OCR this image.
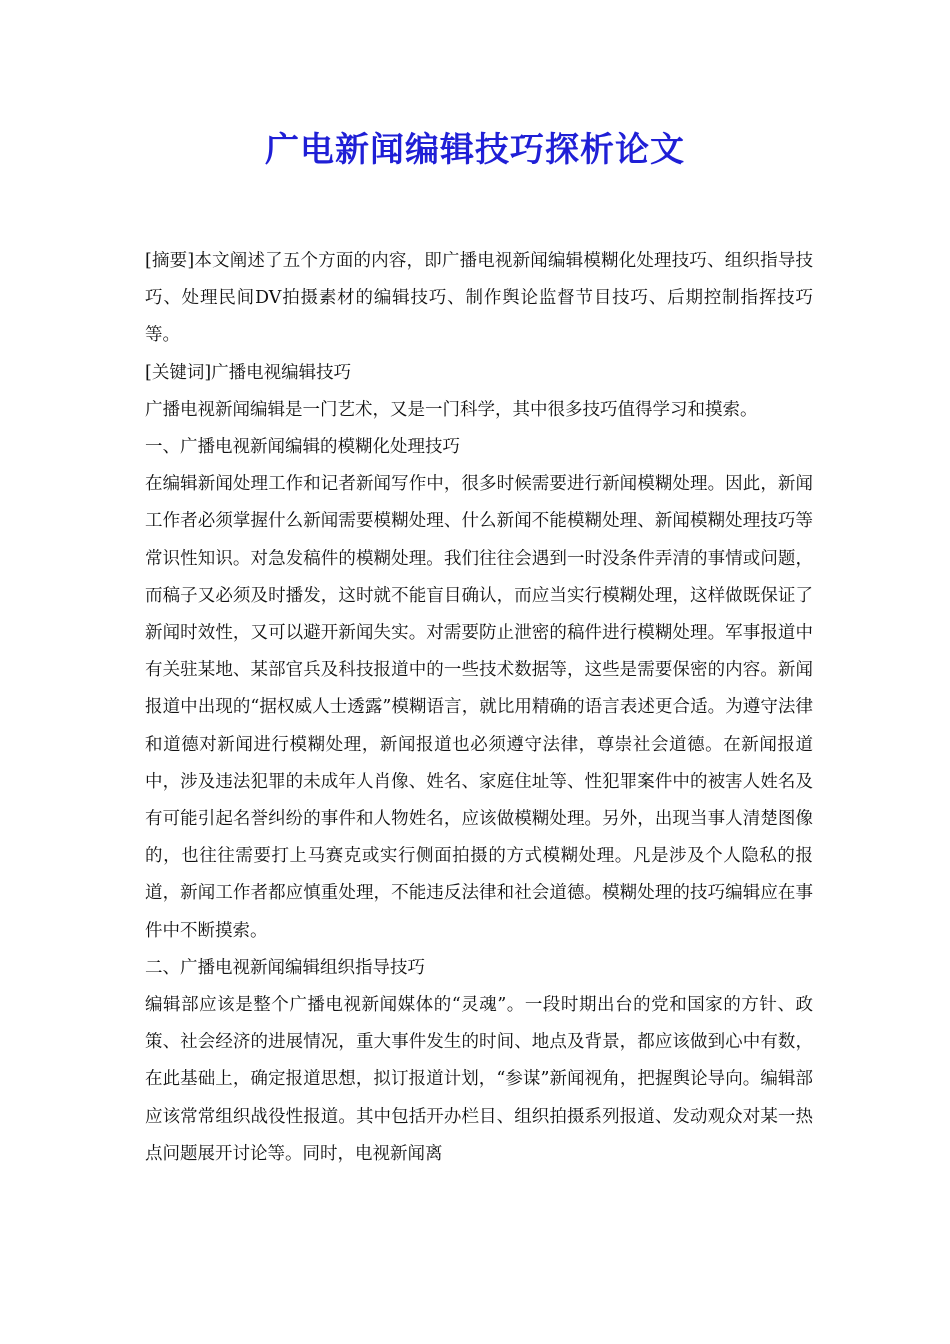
广电新闻编辑技巧探析论文

[摘要]本文阐述了五个方面的内容，即广播电视新闻编辑模糊化处理技巧、组织指导技巧、处理民间DV拍摄素材的编辑技巧、制作舆论监督节目技巧、后期控制指挥技巧等。

[关键词]广播电视编辑技巧

广播电视新闻编辑是一门艺术，又是一门科学，其中很多技巧值得学习和摸索。

一、广播电视新闻编辑的模糊化处理技巧

在编辑新闻处理工作和记者新闻写作中，很多时候需要进行新闻模糊处理。因此，新闻工作者必须掌握什么新闻需要模糊处理、什么新闻不能模糊处理、新闻模糊处理技巧等常识性知识。对急发稿件的模糊处理。我们往往会遇到一时没条件弄清的事情或问题，而稿子又必须及时播发，这时就不能盲目确认，而应当实行模糊处理，这样做既保证了新闻时效性，又可以避开新闻失实。对需要防止泄密的稿件进行模糊处理。军事报道中有关驻某地、某部官兵及科技报道中的一些技术数据等，这些是需要保密的内容。新闻报道中出现的“据权威人士透露”模糊语言，就比用精确的语言表述更合适。为遵守法律和道德对新闻进行模糊处理，新闻报道也必须遵守法律，尊崇社会道德。在新闻报道中，涉及违法犯罪的未成年人肖像、姓名、家庭住址等、性犯罪案件中的被害人姓名及有可能引起名誉纠纷的事件和人物姓名，应该做模糊处理。另外，出现当事人清楚图像的，也往往需要打上马赛克或实行侧面拍摄的方式模糊处理。凡是涉及个人隐私的报道，新闻工作者都应慎重处理，不能违反法律和社会道德。模糊处理的技巧编辑应在事件中不断摸索。

二、广播电视新闻编辑组织指导技巧

编辑部应该是整个广播电视新闻媒体的“灵魂”。一段时期出台的党和国家的方针、政策、社会经济的进展情况，重大事件发生的时间、地点及背景，都应该做到心中有数，在此基础上，确定报道思想，拟订报道计划，“参谋”新闻视角，把握舆论导向。编辑部应该常常组织战役性报道。其中包括开办栏目、组织拍摄系列报道、发动观众对某一热点问题展开讨论等。同时，电视新闻离
